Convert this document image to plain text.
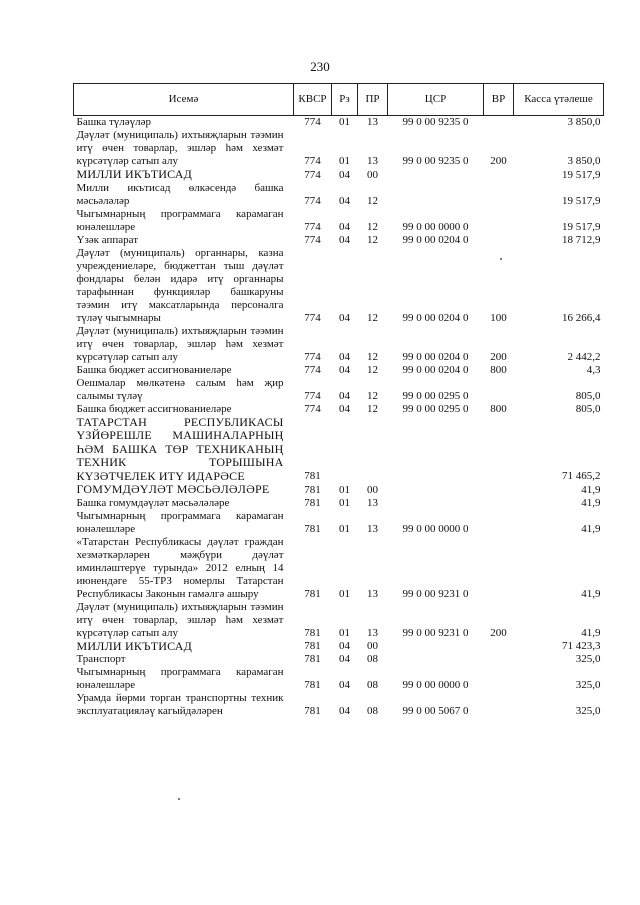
230
Исемә	КВСР	Рз	ПР	ЦСР	ВР	Касса үтәлеше
Башка түләүләр	774	01	13	99 0 00 9235 0		3 850,0
Дәүләт (муниципаль) ихтыяҗларын тәэмин итү өчен товарлар, эшләр һәм хезмәт күрсәтүләр сатып алу	774	01	13	99 0 00 9235 0	200	3 850,0
МИЛЛИ ИКЪТИСАД	774	04	00			19 517,9
Милли икътисад өлкәсендә башка мәсьәләләр	774	04	12			19 517,9
Чыгымнарның программага карамаган юнәлешләре	774	04	12	99 0 00 0000 0		19 517,9
Үзәк аппарат	774	04	12	99 0 00 0204 0		18 712,9
Дәүләт (муниципаль) органнары, казна учреждениеләре, бюджеттан тыш дәүләт фондлары белән идарә итү органнары тарафыннан функцияләр башкаруны тәэмин итү максатларында персоналга түләү чыгымнары	774	04	12	99 0 00 0204 0	100	16 266,4
Дәүләт (муниципаль) ихтыяҗларын тәэмин итү өчен товарлар, эшләр һәм хезмәт күрсәтүләр сатып алу	774	04	12	99 0 00 0204 0	200	2 442,2
Башка бюджет ассигнованиеләре	774	04	12	99 0 00 0204 0	800	4,3
Оешмалар мөлкәтенә салым һәм җир салымы түләү	774	04	12	99 0 00 0295 0		805,0
Башка бюджет ассигнованиеләре	774	04	12	99 0 00 0295 0	800	805,0
ТАТАРСТАН РЕСПУБЛИКАСЫ ҮЗЙӨРЕШЛЕ МАШИНАЛАРНЫҢ ҺӘМ БАШКА ТӨР ТЕХНИКАНЫҢ ТЕХНИК ТОРЫШЫНА КҮЗӘТЧЕЛЕК ИТҮ ИДАРӘСЕ	781					71 465,2
ГОМУМДӘҮЛӘТ МӘСЬӘЛӘЛӘРЕ	781	01	00			41,9
Башка гомумдәүләт мәсьәләләре	781	01	13			41,9
Чыгымнарның программага карамаган юнәлешләре	781	01	13	99 0 00 0000 0		41,9
«Татарстан Республикасы дәүләт граждан хезмәткәрләрен мәҗбүри дәүләт иминләштерүе турында» 2012 елның 14 июнендәге 55-ТРЗ номерлы Татарстан Республикасы Законын гамәлгә ашыру	781	01	13	99 0 00 9231 0		41,9
Дәүләт (муниципаль) ихтыяҗларын тәэмин итү өчен товарлар, эшләр һәм хезмәт күрсәтүләр сатып алу	781	01	13	99 0 00 9231 0	200	41,9
МИЛЛИ ИКЪТИСАД	781	04	00			71 423,3
Транспорт	781	04	08			325,0
Чыгымнарның программага карамаган юнәлешләре	781	04	08	99 0 00 0000 0		325,0
Урамда йөрми торган транспортны техник эксплуатацияләү кагыйдәләрен	781	04	08	99 0 00 5067 0		325,0
